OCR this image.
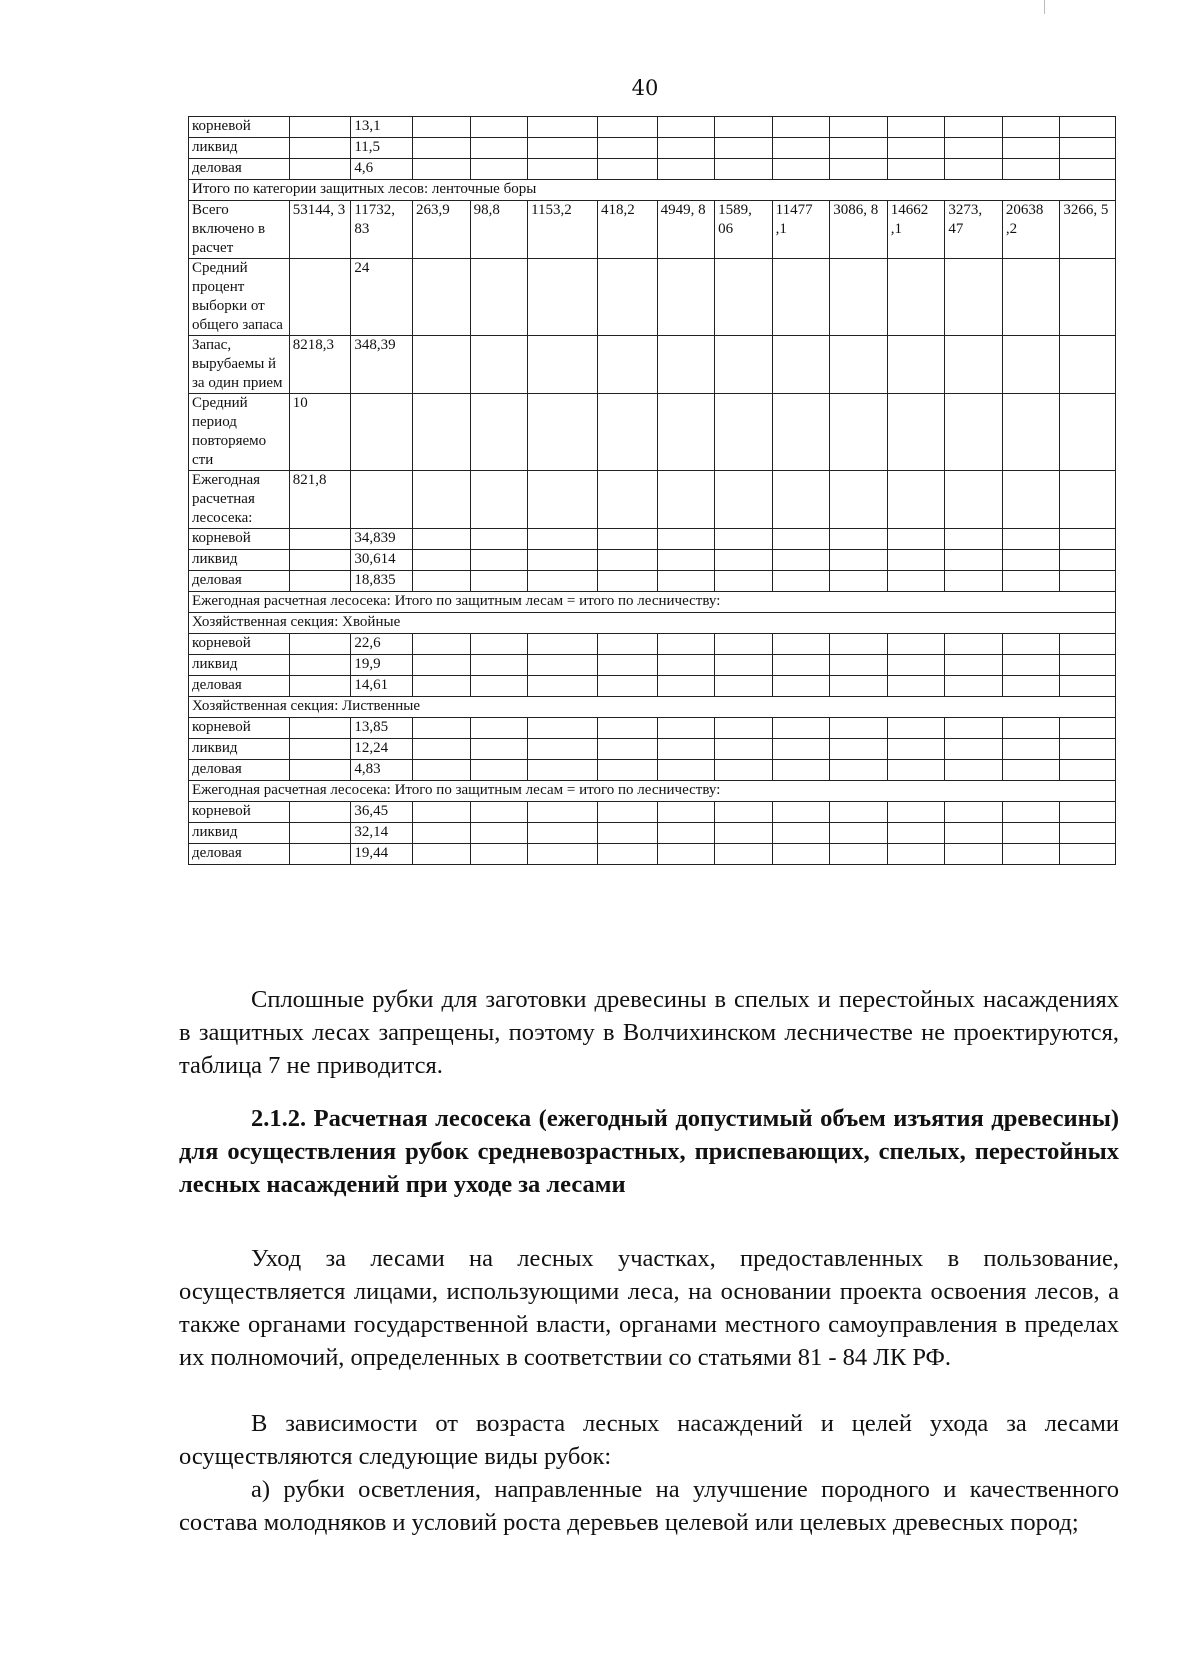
40
корневой		13,1												
ликвид		11,5												
деловая		4,6												
Итого по категории защитных лесов: ленточные боры														
Всего включено в расчет	53144, 3	11732, 83	263,9	98,8	1153,2	418,2	4949, 8	1589, 06	11477 ,1	3086, 8	14662 ,1	3273, 47	20638 ,2	3266, 5
Средний процент выборки от общего запаса		24												
Запас, вырубаемы й за один прием	8218,3	348,39												
Средний период повторяемо сти	10													
Ежегодная расчетная лесосека:	821,8													
корневой		34,839												
ликвид		30,614												
деловая		18,835												
Ежегодная расчетная лесосека: Итого по защитным лесам = итого по лесничеству:														
Хозяйственная секция: Хвойные														
корневой		22,6												
ликвид		19,9												
деловая		14,61												
Хозяйственная секция: Лиственные														
корневой		13,85												
ликвид		12,24												
деловая		4,83												
Ежегодная расчетная лесосека: Итого по защитным лесам = итого по лесничеству:														
корневой		36,45												
ликвид		32,14												
деловая		19,44												

Сплошные рубки для заготовки древесины в спелых и перестойных насаждениях в защитных лесах запрещены, поэтому в Волчихинском лесничестве не проектируются, таблица 7 не приводится.

2.1.2. Расчетная лесосека (ежегодный допустимый объем изъятия древесины) для осуществления рубок средневозрастных, приспевающих, спелых, перестойных лесных насаждений при уходе за лесами

Уход за лесами на лесных участках, предоставленных в пользование, осуществляется лицами, использующими леса, на основании проекта освоения лесов, а также органами государственной власти, органами местного самоуправления в пределах их полномочий, определенных в соответствии со статьями 81 - 84 ЛК РФ.

В зависимости от возраста лесных насаждений и целей ухода за лесами осуществляются следующие виды рубок:

а) рубки осветления, направленные на улучшение породного и качественного состава молодняков и условий роста деревьев целевой или целевых древесных пород;
